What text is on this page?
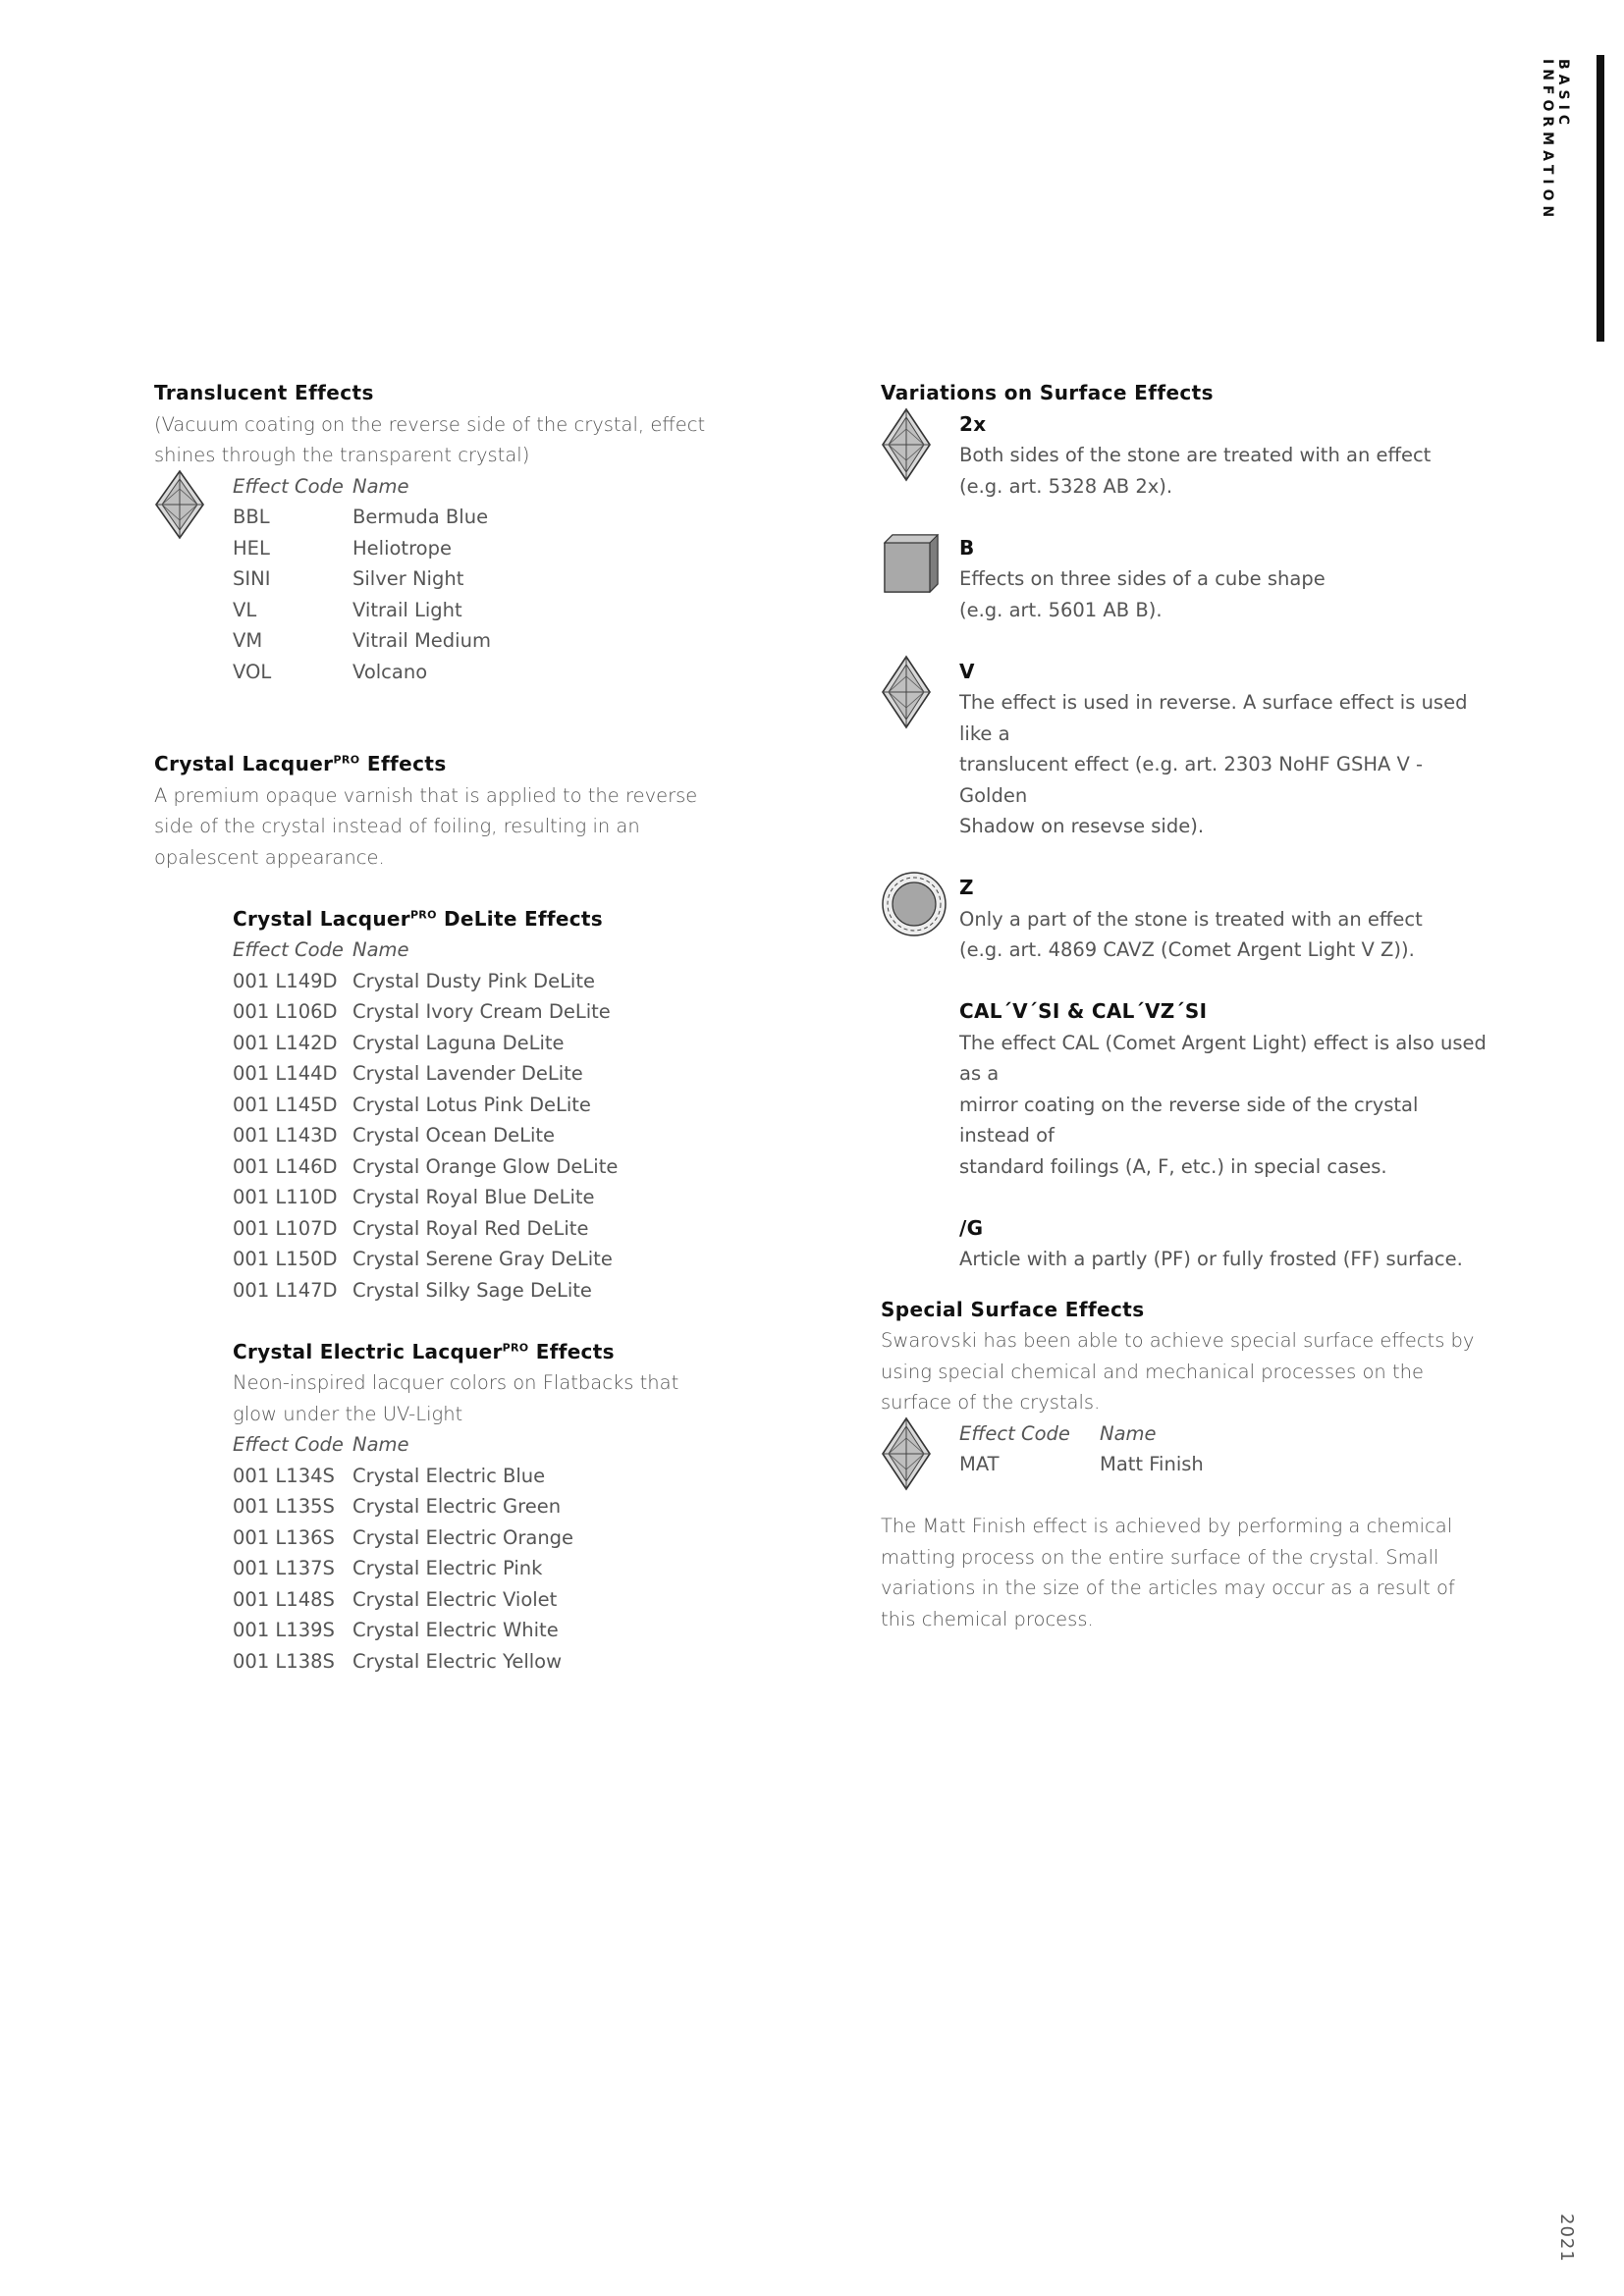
BASIC INFORMATION
2021
Translucent Effects
(Vacuum coating on the reverse side of the crystal, effect shines through the transparent crystal)
Effect Code Name
BBL	Bermuda Blue
HEL	Heliotrope
SINI	Silver Night
VL	Vitrail Light
VM	Vitrail Medium
VOL	Volcano
Crystal Lacquer$^{PRO}$ Effects
A premium opaque varnish that is applied to the reverse side of the crystal instead of foiling, resulting in an opalescent appearance.
Crystal Lacquer$^{PRO}$ DeLite Effects
Effect Code Name
001 L149D Crystal Dusty Pink DeLite
001 L106D Crystal Ivory Cream DeLite
001 L142D Crystal Laguna DeLite
001 L144D Crystal Lavender DeLite
001 L145D Crystal Lotus Pink DeLite
001 L143D Crystal Ocean DeLite
001 L146D Crystal Orange Glow DeLite
001 L110D Crystal Royal Blue DeLite
001 L107D Crystal Royal Red DeLite
001 L150D Crystal Serene Gray DeLite
001 L147D Crystal Silky Sage DeLite
Crystal Electric Lacquer$^{PRO}$ Effects
Neon-inspired lacquer colors on Flatbacks that glow under the UV-Light
Effect Code Name
001 L134S Crystal Electric Blue
001 L135S Crystal Electric Green
001 L136S Crystal Electric Orange
001 L137S Crystal Electric Pink
001 L148S Crystal Electric Violet
001 L139S Crystal Electric White
001 L138S Crystal Electric Yellow
Variations on Surface Effects
2x
Both sides of the stone are treated with an effect
(e.g. art. 5328 AB 2x).
B
Effects on three sides of a cube shape
(e.g. art. 5601 AB B).
V
The effect is used in reverse. A surface effect is used like a
translucent effect (e.g. art. 2303 NoHF GSHA V - Golden
Shadow on resevse side).
Z
Only a part of the stone is treated with an effect
(e.g. art. 4869 CAVZ (Comet Argent Light V Z)).
CAL´V´SI & CAL´VZ´SI
The effect CAL (Comet Argent Light) effect is also used as a
mirror coating on the reverse side of the crystal instead of
standard foilings (A, F, etc.) in special cases.
/G
Article with a partly (PF) or fully frosted (FF) surface.
Special Surface Effects
Swarovski has been able to achieve special surface effects by using special chemical and mechanical processes on the surface of the crystals.
Effect Code	Name
MAT	Matt Finish
The Matt Finish effect is achieved by performing a chemical matting process on the entire surface of the crystal. Small variations in the size of the articles may occur as a result of this chemical process.
